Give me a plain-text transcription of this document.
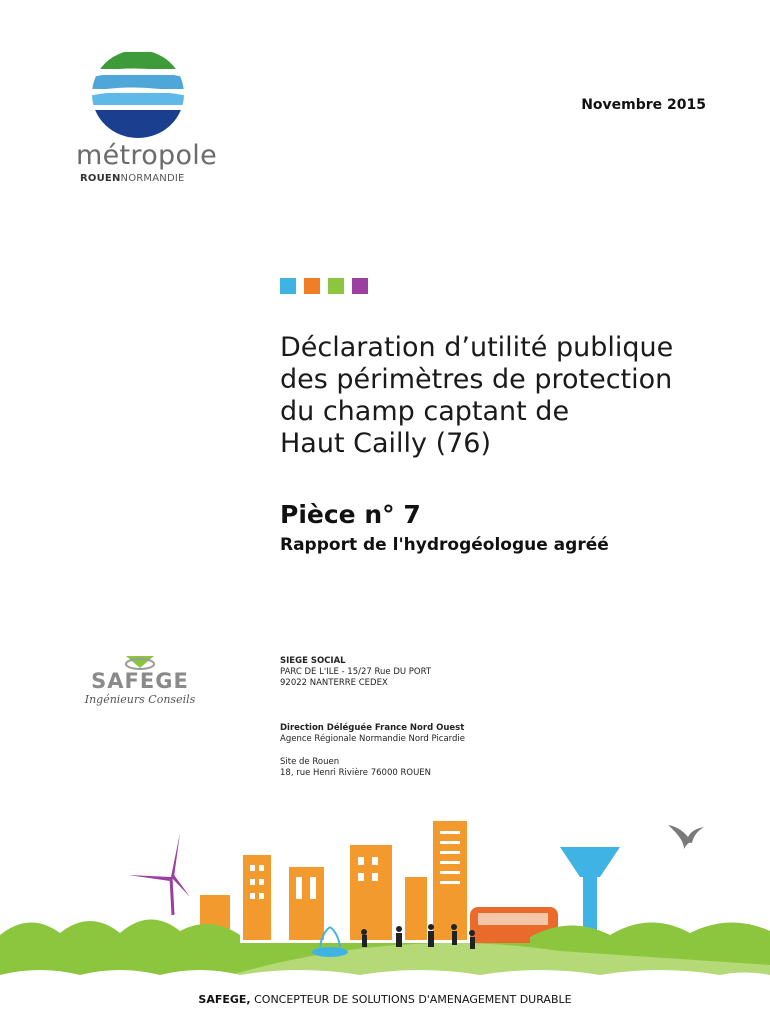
métropole
ROUENNORMANDIE
Novembre 2015
Déclaration d’utilité publique
des périmètres de protection
du champ captant de
Haut Cailly (76)
Pièce n° 7
Rapport de l'hydrogéologue agréé
SAFEGE
Ingénieurs Conseils
SIEGE SOCIAL
PARC DE L'ILE - 15/27 Rue DU PORT
92022 NANTERRE CEDEX
Direction Déléguée France Nord Ouest
Agence Régionale Normandie Nord Picardie
Site de Rouen
18, rue Henri Rivière 76000 ROUEN
SAFEGE, CONCEPTEUR DE SOLUTIONS D'AMENAGEMENT DURABLE
